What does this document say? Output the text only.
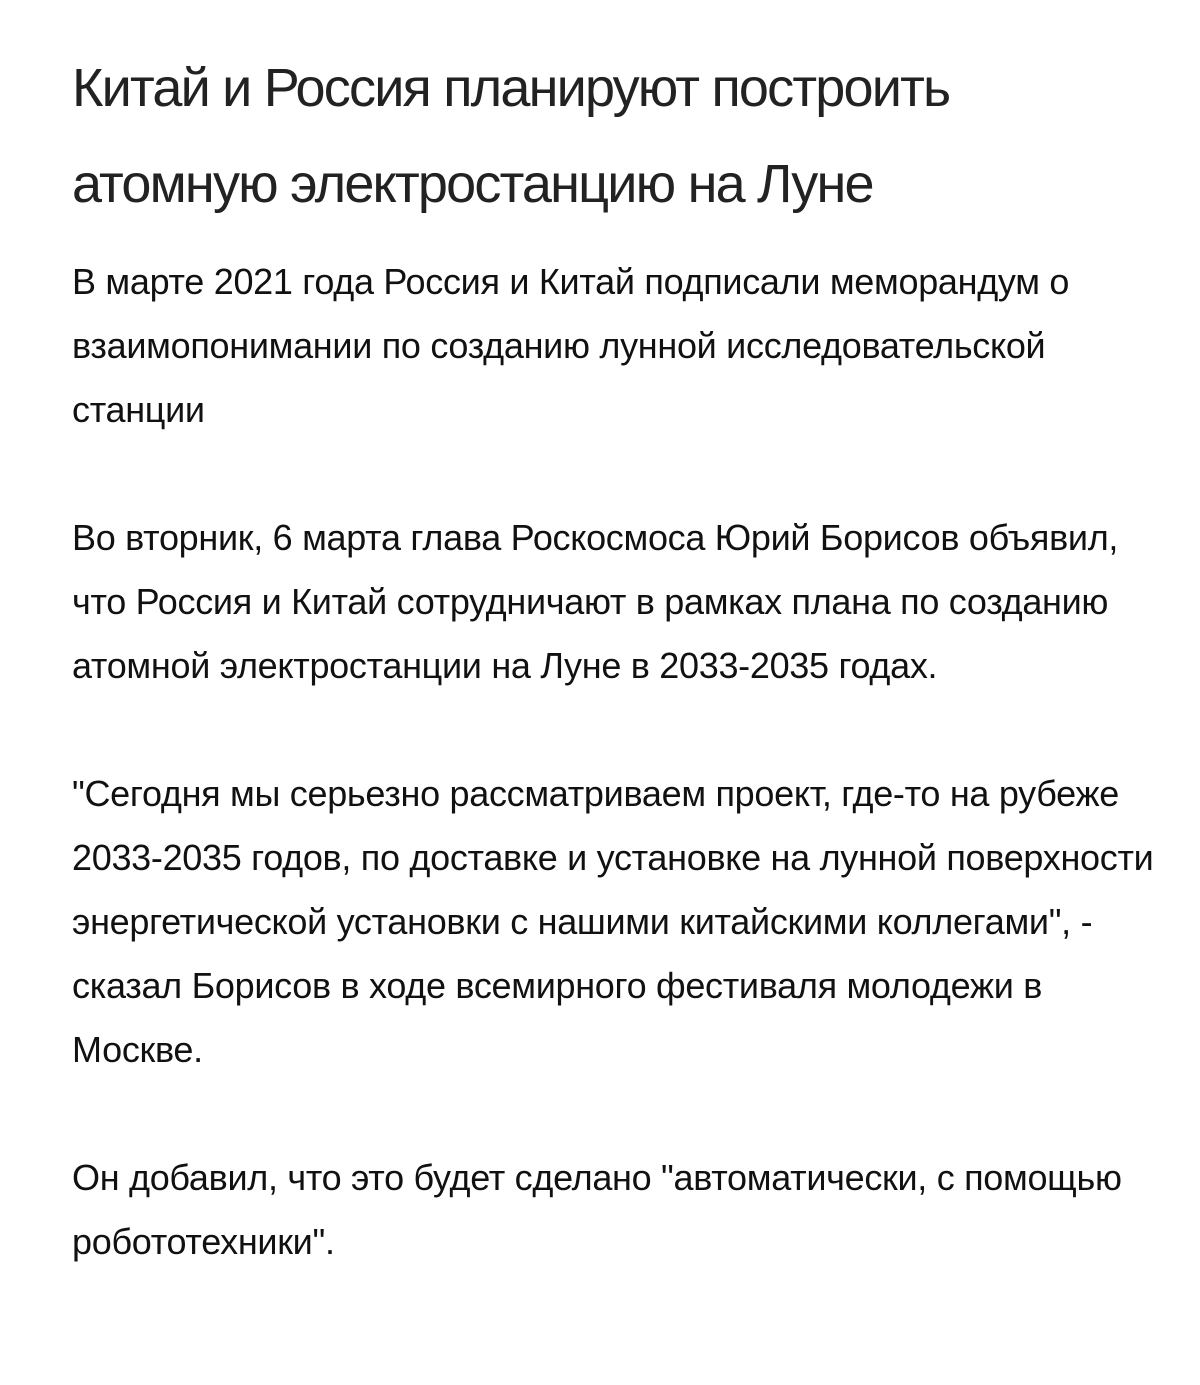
Китай и Россия планируют построить атомную электростанцию на Луне

В марте 2021 года Россия и Китай подписали меморандум о взаимопонимании по созданию лунной исследовательской станции

Во вторник, 6 марта глава Роскосмоса Юрий Борисов объявил, что Россия и Китай сотрудничают в рамках плана по созданию атомной электростанции на Луне в 2033-2035 годах.

"Сегодня мы серьезно рассматриваем проект, где-то на рубеже 2033-2035 годов, по доставке и установке на лунной поверхности энергетической установки с нашими китайскими коллегами", - сказал Борисов в ходе всемирного фестиваля молодежи в Москве.

Он добавил, что это будет сделано "автоматически, с помощью робототехники".
